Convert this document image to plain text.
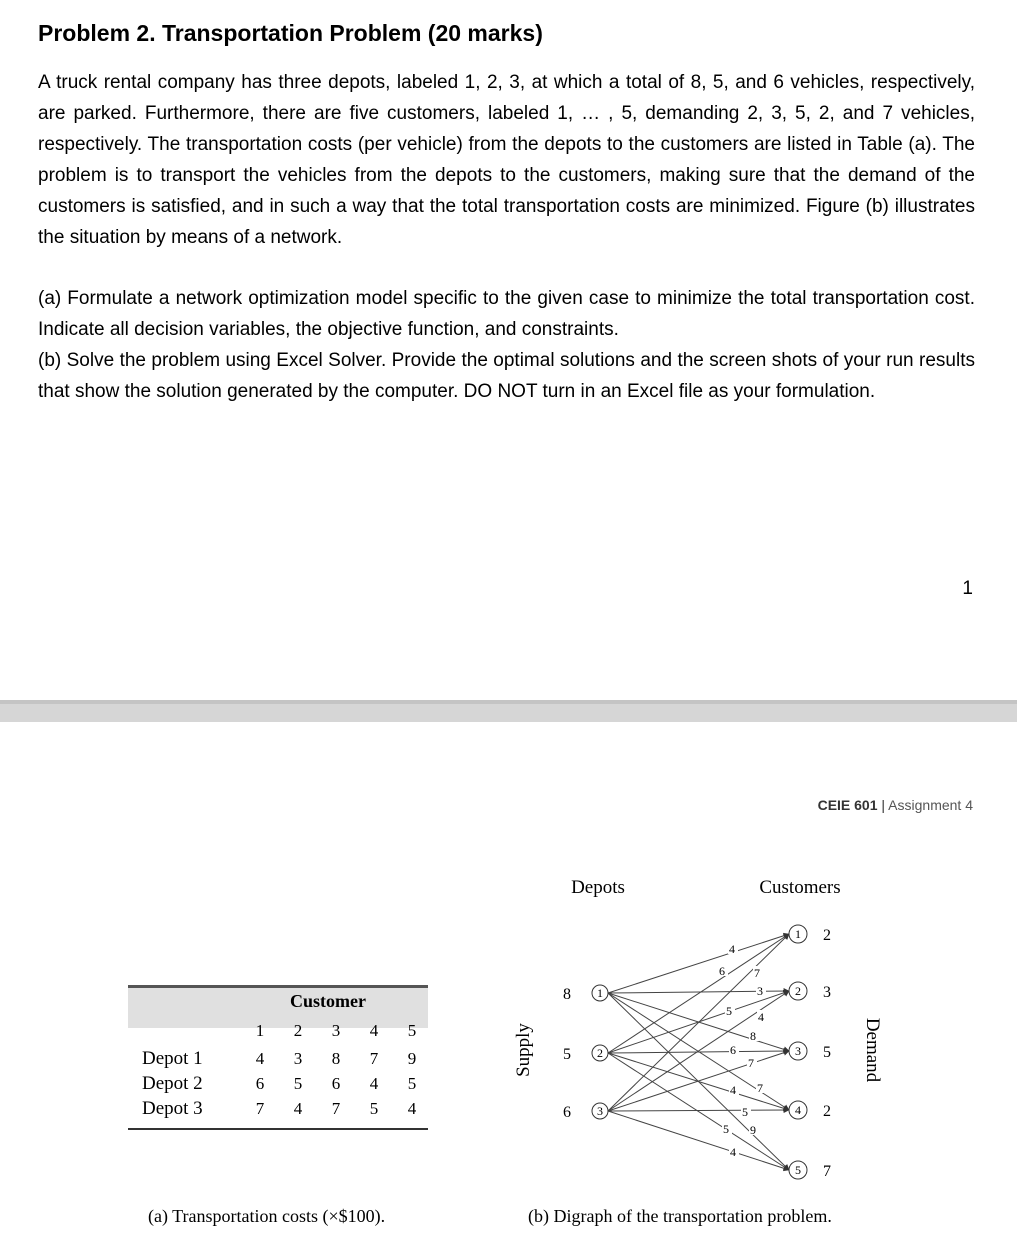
Problem 2. Transportation Problem (20 marks)

A truck rental company has three depots, labeled 1, 2, 3, at which a total of 8, 5, and 6 vehicles, respectively, are parked. Furthermore, there are five customers, labeled 1, … , 5, demanding 2, 3, 5, 2, and 7 vehicles, respectively. The transportation costs (per vehicle) from the depots to the customers are listed in Table (a). The problem is to transport the vehicles from the depots to the customers, making sure that the demand of the customers is satisfied, and in such a way that the total transportation costs are minimized. Figure (b) illustrates the situation by means of a network.

(a) Formulate a network optimization model specific to the given case to minimize the total transportation cost. Indicate all decision variables, the objective function, and constraints.

(b) Solve the problem using Excel Solver. Provide the optimal solutions and the screen shots of your run results that show the solution generated by the computer. DO NOT turn in an Excel file as your formulation.

1
CEIE 601 | Assignment 4
Customer
1	2	3	4	5
Depot 1	4	3	8	7	9
Depot 2	6	5	6	4	5
Depot 3	7	4	7	5	4
(a) Transportation costs (×$100).
4
6 7
3
5 4
8
6
7
4 7
5
5 9
4
1
2
3
1
2
3
4
5
8
5
6
2
3
5
2
7
Depots	Customers
Supply	Demand
(b) Digraph of the transportation problem.
